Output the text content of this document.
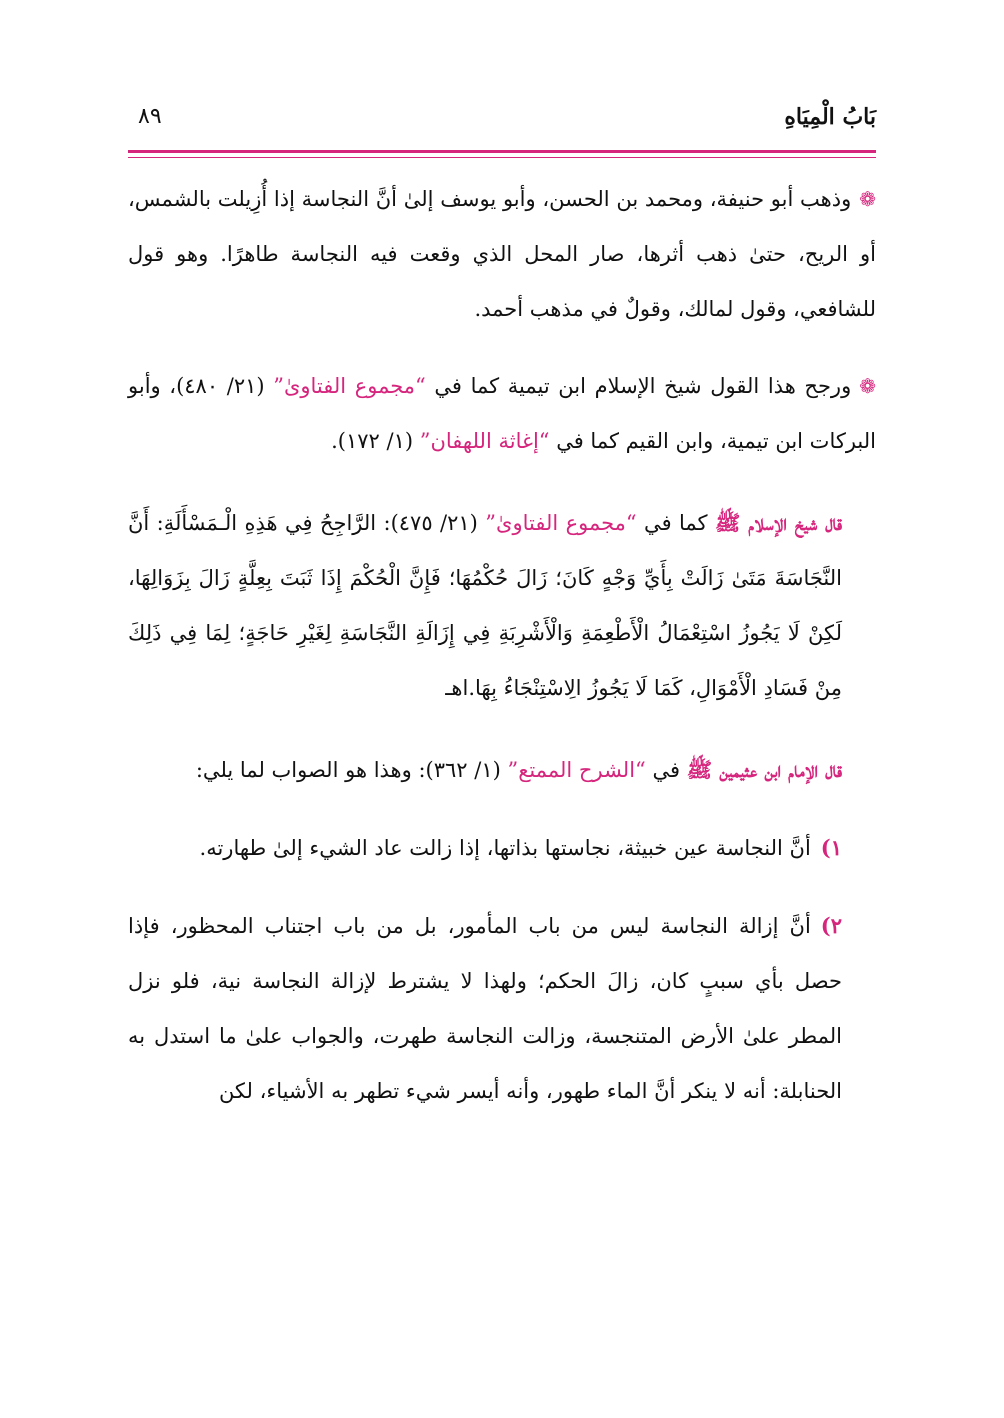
بَابُ الْمِيَاهِ
٨٩

❁وذهب أبو حنيفة، ومحمد بن الحسن، وأبو يوسف إلىٰ أنَّ النجاسة إذا أُزِيلت بالشمس، أو الريح، حتىٰ ذهب أثرها، صار المحل الذي وقعت فيه النجاسة طاهرًا. وهو قول للشافعي، وقول لمالك، وقولٌ في مذهب أحمد.

❁ورجح هذا القول شيخ الإسلام ابن تيمية كما في “مجموع الفتاوىٰ” (٢١/ ٤٨٠)، وأبو البركات ابن تيمية، وابن القيم كما في “إغاثة اللهفان” (١/ ١٧٢).

قال شيخ الإسلام ﷺ كما في “مجموع الفتاوىٰ” (٢١/ ٤٧٥): الرَّاجِحُ فِي هَذِهِ الْـمَسْأَلَةِ: أَنَّ النَّجَاسَةَ مَتَىٰ زَالَتْ بِأَيِّ وَجْهٍ كَانَ؛ زَالَ حُكْمُهَا؛ فَإِنَّ الْحُكْمَ إِذَا ثَبَتَ بِعِلَّةٍ زَالَ بِزَوَالِهَا، لَكِنْ لَا يَجُوزُ اسْتِعْمَالُ الْأَطْعِمَةِ وَالْأَشْرِبَةِ فِي إِزَالَةِ النَّجَاسَةِ لِغَيْرِ حَاجَةٍ؛ لِمَا فِي ذَلِكَ مِنْ فَسَادِ الْأَمْوَالِ، كَمَا لَا يَجُوزُ الِاسْتِنْجَاءُ بِهَا.اهـ

قال الإمام ابن عثيمين ﷺ في “الشرح الممتع” (١/ ٣٦٢): وهذا هو الصواب لما يلي:

١)أنَّ النجاسة عين خبيثة، نجاستها بذاتها، إذا زالت عاد الشيء إلىٰ طهارته.

٢)أنَّ إزالة النجاسة ليس من باب المأمور، بل من باب اجتناب المحظور، فإذا حصل بأي سببٍ كان، زالَ الحكم؛ ولهذا لا يشترط لإزالة النجاسة نية، فلو نزل المطر علىٰ الأرض المتنجسة، وزالت النجاسة طهرت، والجواب علىٰ ما استدل به الحنابلة: أنه لا ينكر أنَّ الماء طهور، وأنه أيسر شيء تطهر به الأشياء، لكن
